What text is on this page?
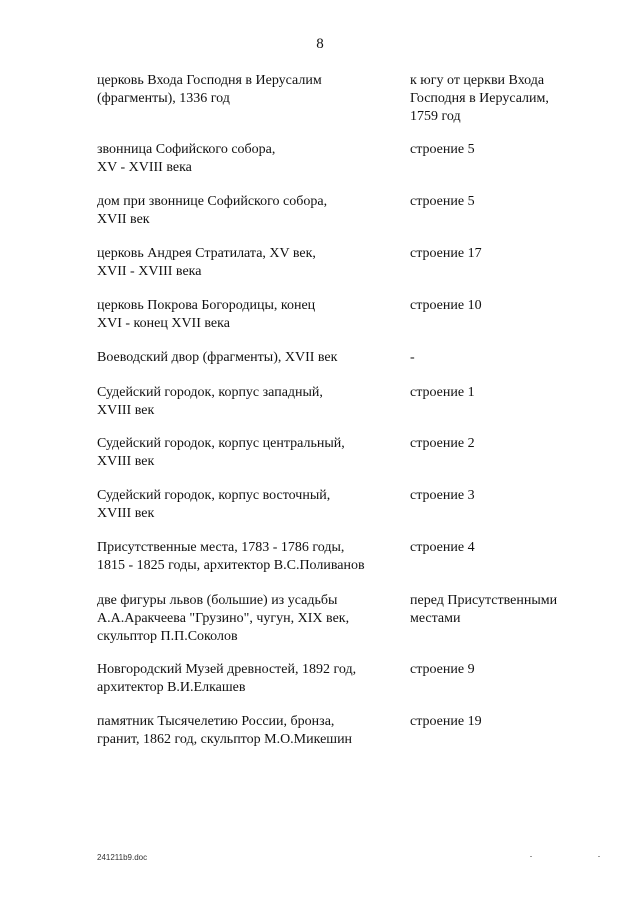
8
церковь Входа Господня в Иерусалим
(фрагменты), 1336 год
к югу от церкви Входа
Господня в Иерусалим,
1759 год
звонница Софийского собора,
XV - XVIII века
строение 5
дом при звоннице Софийского собора,
XVII век
строение 5
церковь Андрея Стратилата, XV век,
XVII - XVIII века
строение 17
церковь Покрова Богородицы, конец
XVI - конец XVII века
строение 10
Воеводский двор (фрагменты), XVII век	-
Судейский городок, корпус западный,
XVIII век
строение 1
Судейский городок, корпус центральный,
XVIII век
строение 2
Судейский городок, корпус восточный,
XVIII век
строение 3
Присутственные места, 1783 - 1786 годы,
1815 - 1825 годы, архитектор В.С.Поливанов
строение 4
две фигуры львов (большие) из усадьбы
А.А.Аракчеева "Грузино", чугун, XIX век,
скульптор П.П.Соколов
перед Присутственными
местами
Новгородский Музей древностей, 1892 год,
архитектор В.И.Елкашев
строение 9
памятник Тысячелетию России, бронза,
гранит, 1862 год, скульптор М.О.Микешин
строение 19
241211b9.doc
